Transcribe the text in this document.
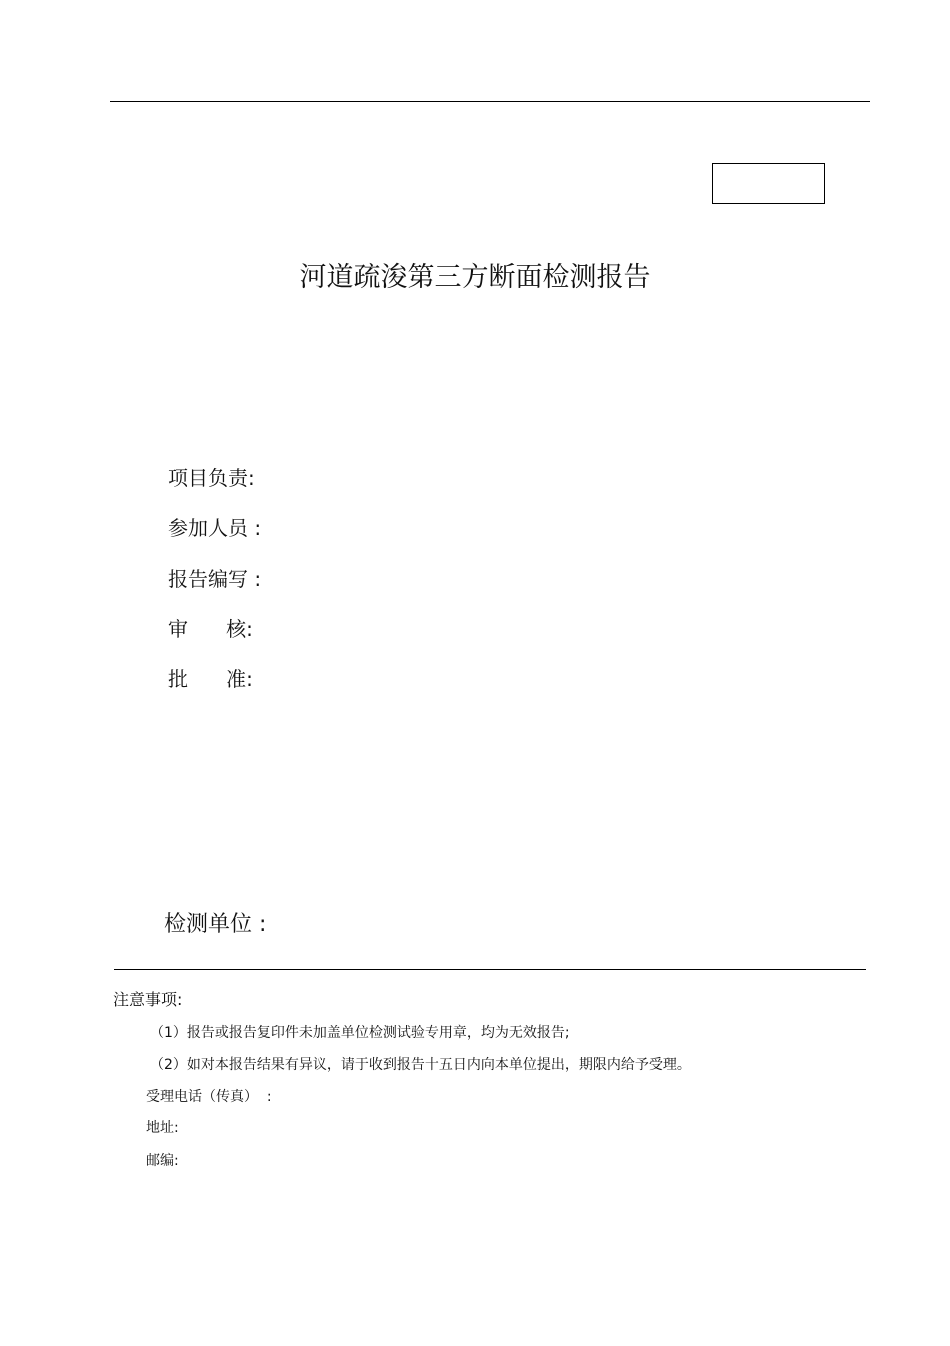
河道疏浚第三方断面检测报告
项目负责:
参加人员 :
报告编写 :
审      核:
批      准:
检测单位 :
注意事项:
（1）报告或报告复印件未加盖单位检测试验专用章，均为无效报告;
（2）如对本报告结果有异议，请于收到报告十五日内向本单位提出，期限内给予受理。
受理电话（传真）  :
地址:
邮编:
